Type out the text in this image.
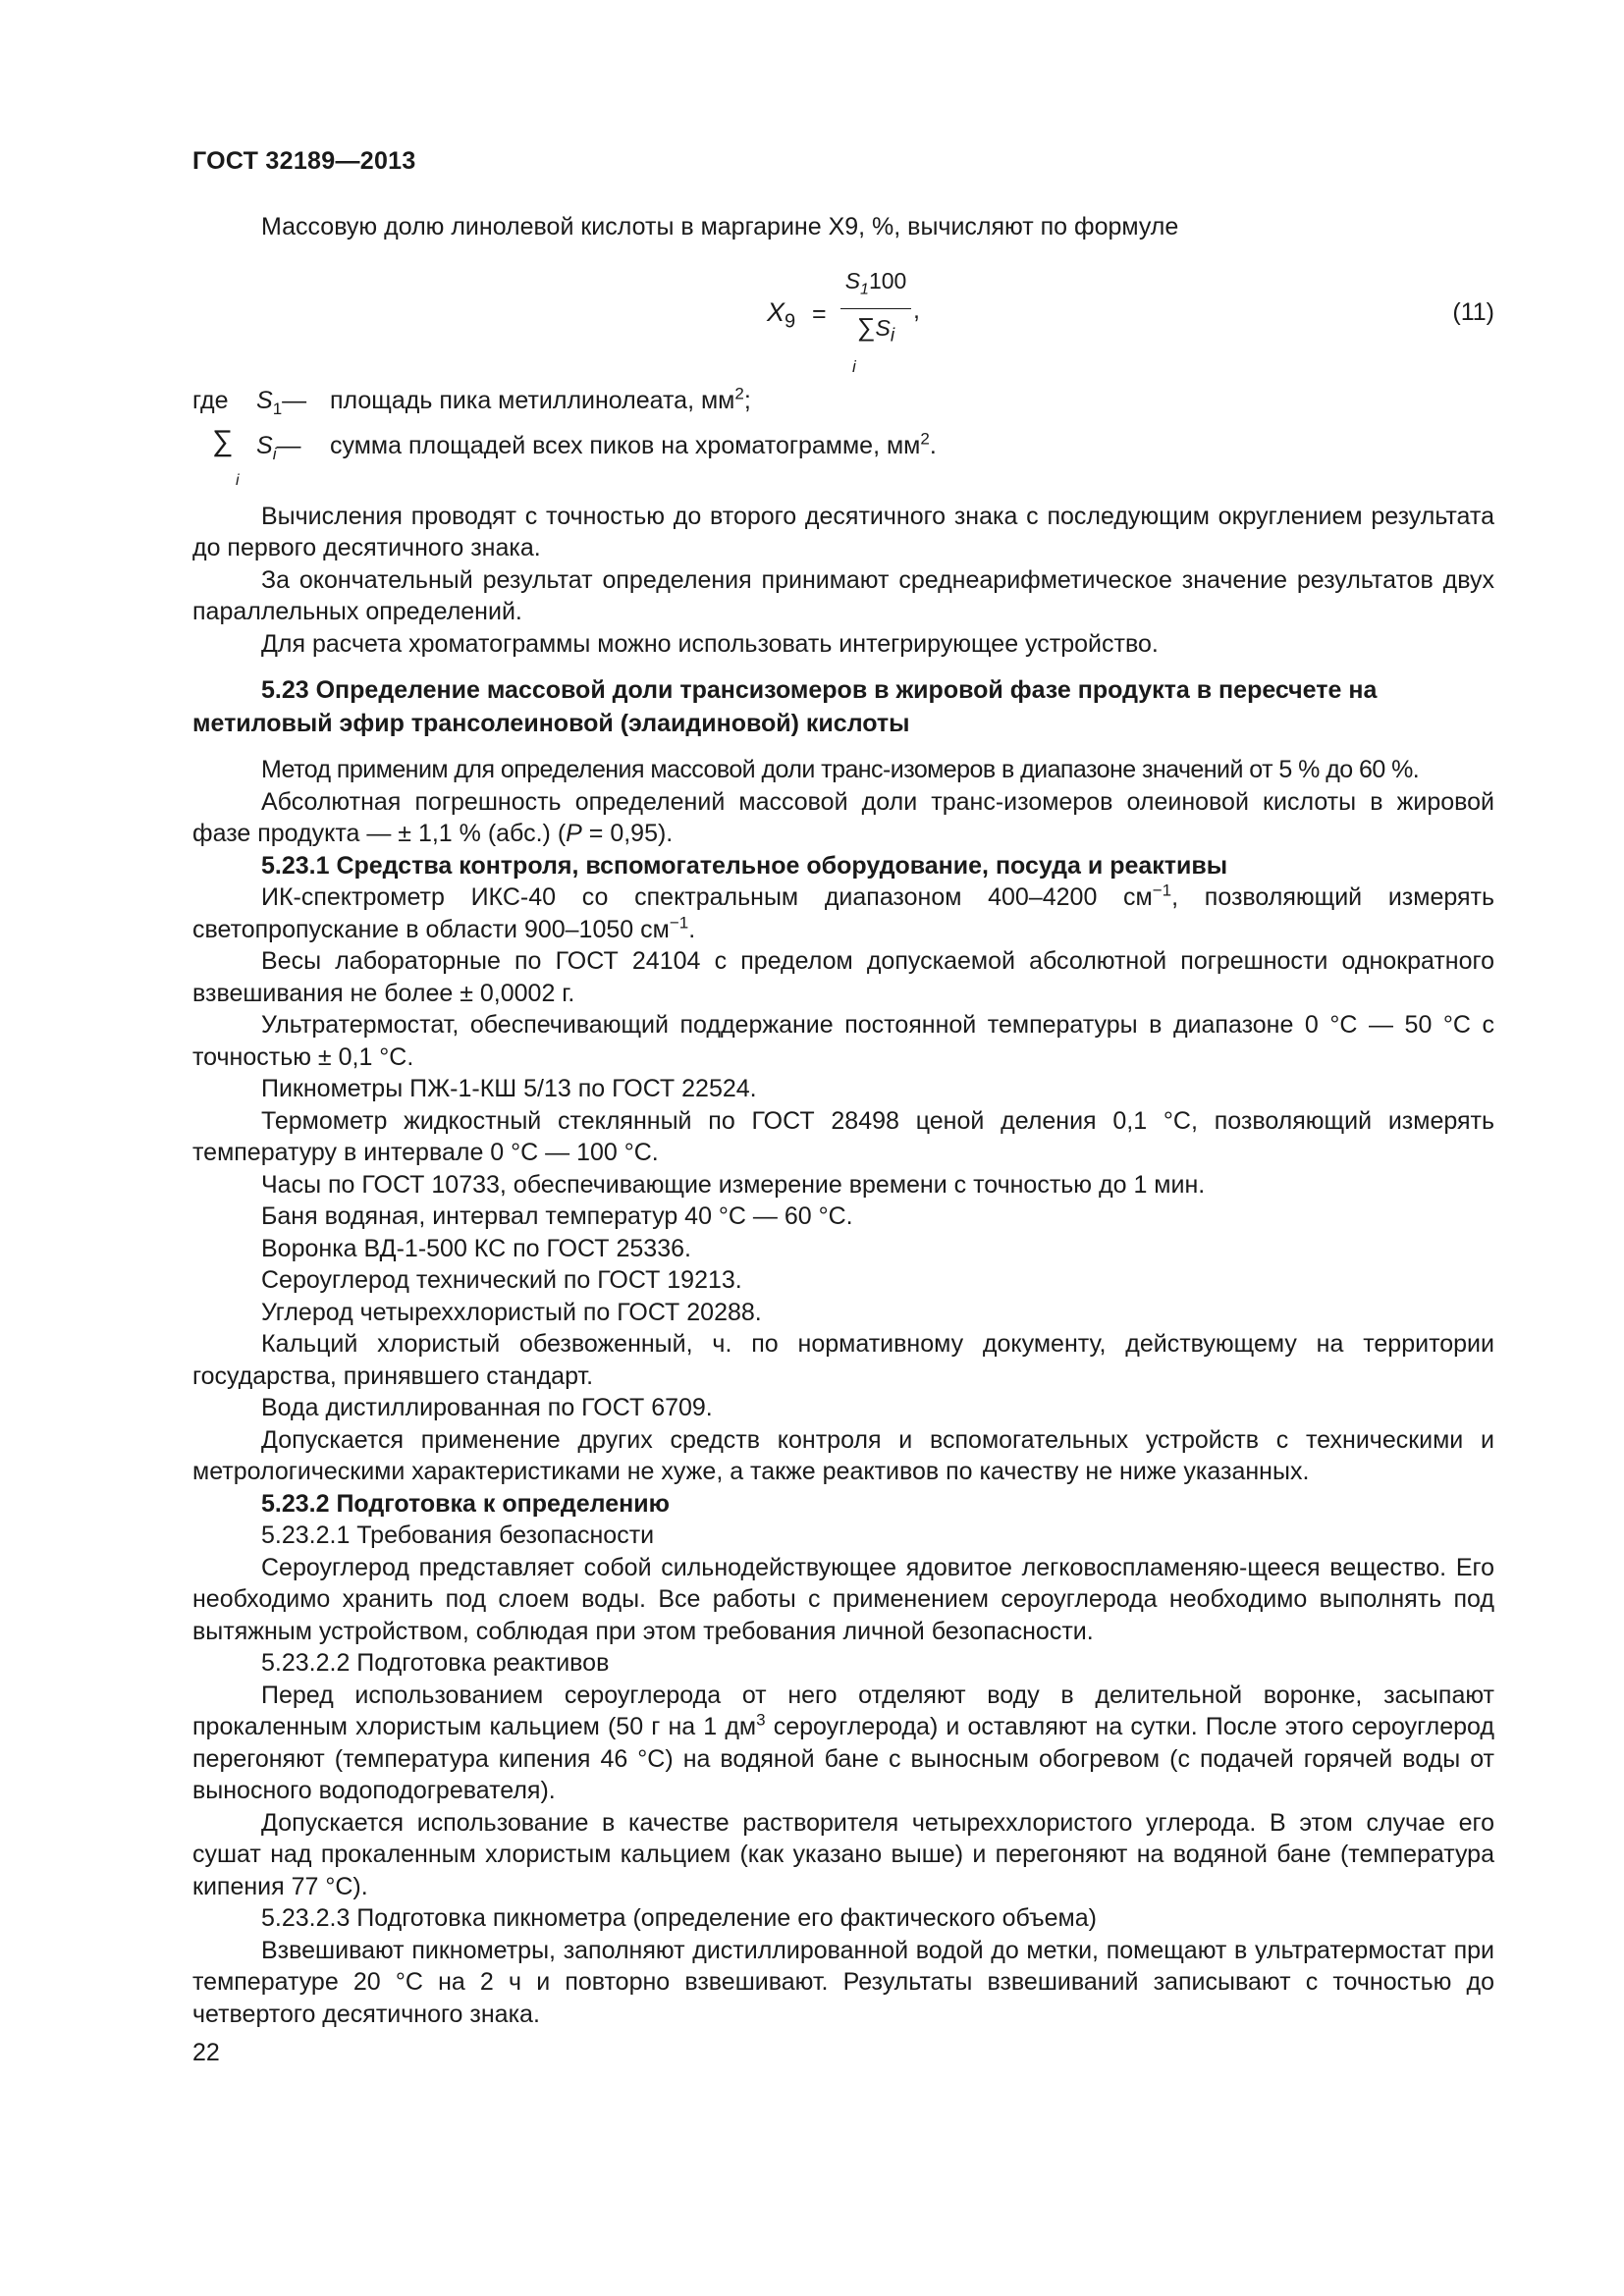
ГОСТ 32189—2013

Массовую долю линолевой кислоты в маргарине X9, %, вычисляют по формуле

$X_9 = \frac{S_1100}{\sum S_i}$
i
,	(11)
где $S_1—$ площадь пика метиллинолеата, $мм^2$;
∑
i
$S_i—$ сумма площадей всех пиков на хроматограмме, $мм^2$.

Вычисления проводят с точностью до второго десятичного знака с последующим округлением результата до первого десятичного знака.

За окончательный результат определения принимают среднеарифметическое значение результатов двух параллельных определений.

Для расчета хроматограммы можно использовать интегрирующее устройство.

5.23 Определение массовой доли трансизомеров в жировой фазе продукта в пересчете на метиловый эфир трансолеиновой (элаидиновой) кислоты

Метод применим для определения массовой доли транс-изомеров в диапазоне значений от 5 % до 60 %.

Абсолютная погрешность определений массовой доли транс-изомеров олеиновой кислоты в жировой фазе продукта — ± 1,1 % (абс.) (P = 0,95).

5.23.1 Средства контроля, вспомогательное оборудование, посуда и реактивы

ИК-спектрометр ИКС-40 со спектральным диапазоном 400–4200 $см^{-1}$, позволяющий измерять светопропускание в области 900–1050 $см^{-1}$.

Весы лабораторные по ГОСТ 24104 с пределом допускаемой абсолютной погрешности однократного взвешивания не более ± 0,0002 г.

Ультратермостат, обеспечивающий поддержание постоянной температуры в диапазоне 0 °С — 50 °С с точностью ± 0,1 °С.

Пикнометры ПЖ-1-КШ 5/13 по ГОСТ 22524.

Термометр жидкостный стеклянный по ГОСТ 28498 ценой деления 0,1 °С, позволяющий измерять температуру в интервале 0 °С — 100 °С.

Часы по ГОСТ 10733, обеспечивающие измерение времени с точностью до 1 мин.

Баня водяная, интервал температур 40 °С — 60 °С.

Воронка ВД-1-500 КС по ГОСТ 25336.

Сероуглерод технический по ГОСТ 19213.

Углерод четыреххлористый по ГОСТ 20288.

Кальций хлористый обезвоженный, ч. по нормативному документу, действующему на территории государства, принявшего стандарт.

Вода дистиллированная по ГОСТ 6709.

Допускается применение других средств контроля и вспомогательных устройств с техническими и метрологическими характеристиками не хуже, а также реактивов по качеству не ниже указанных.

5.23.2 Подготовка к определению

5.23.2.1 Требования безопасности

Сероуглерод представляет собой сильнодействующее ядовитое легковоспламеняю-щееся вещество. Его необходимо хранить под слоем воды. Все работы с применением сероуглерода необходимо выполнять под вытяжным устройством, соблюдая при этом требования личной безопасности.

5.23.2.2 Подготовка реактивов

Перед использованием сероуглерода от него отделяют воду в делительной воронке, засыпают прокаленным хлористым кальцием (50 г на 1 $дм^3$ сероуглерода) и оставляют на сутки. После этого сероуглерод перегоняют (температура кипения 46 °С) на водяной бане с выносным обогревом (с подачей горячей воды от выносного водоподогревателя).

Допускается использование в качестве растворителя четыреххлористого углерода. В этом случае его сушат над прокаленным хлористым кальцием (как указано выше) и перегоняют на водяной бане (температура кипения 77 °С).

5.23.2.3 Подготовка пикнометра (определение его фактического объема)

Взвешивают пикнометры, заполняют дистиллированной водой до метки, помещают в ультратермостат при температуре 20 °С на 2 ч и повторно взвешивают. Результаты взвешиваний записывают с точностью до четвертого десятичного знака.

22
